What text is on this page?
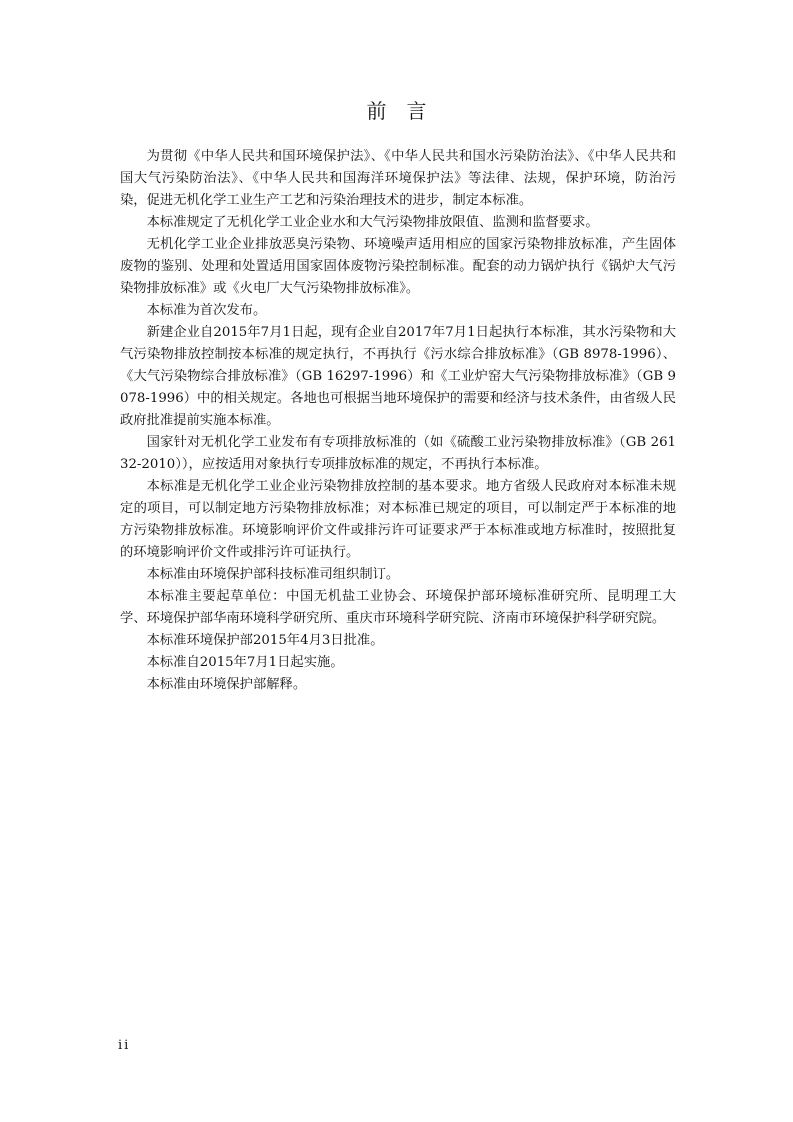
前言

为贯彻《中华人民共和国环境保护法》、《中华人民共和国水污染防治法》、《中华人民共和国大气污染防治法》、《中华人民共和国海洋环境保护法》等法律、法规，保护环境，防治污染，促进无机化学工业生产工艺和污染治理技术的进步，制定本标准。

本标准规定了无机化学工业企业水和大气污染物排放限值、监测和监督要求。

无机化学工业企业排放恶臭污染物、环境噪声适用相应的国家污染物排放标准，产生固体废物的鉴别、处理和处置适用国家固体废物污染控制标准。配套的动力锅炉执行《锅炉大气污染物排放标准》或《火电厂大气污染物排放标准》。

本标准为首次发布。

新建企业自2015年7月1日起，现有企业自2017年7月1日起执行本标准，其水污染物和大气污染物排放控制按本标准的规定执行，不再执行《污水综合排放标准》（GB 8978-1996）、《大气污染物综合排放标准》（GB 16297-1996）和《工业炉窑大气污染物排放标准》（GB 9078-1996）中的相关规定。各地也可根据当地环境保护的需要和经济与技术条件，由省级人民政府批准提前实施本标准。

国家针对无机化学工业发布有专项排放标准的（如《硫酸工业污染物排放标准》（GB 26132-2010）），应按适用对象执行专项排放标准的规定，不再执行本标准。

本标准是无机化学工业企业污染物排放控制的基本要求。地方省级人民政府对本标准未规定的项目，可以制定地方污染物排放标准；对本标准已规定的项目，可以制定严于本标准的地方污染物排放标准。环境影响评价文件或排污许可证要求严于本标准或地方标准时，按照批复的环境影响评价文件或排污许可证执行。

本标准由环境保护部科技标准司组织制订。

本标准主要起草单位：中国无机盐工业协会、环境保护部环境标准研究所、昆明理工大学、环境保护部华南环境科学研究所、重庆市环境科学研究院、济南市环境保护科学研究院。

本标准环境保护部2015年4月3日批准。

本标准自2015年7月1日起实施。

本标准由环境保护部解释。

ii
